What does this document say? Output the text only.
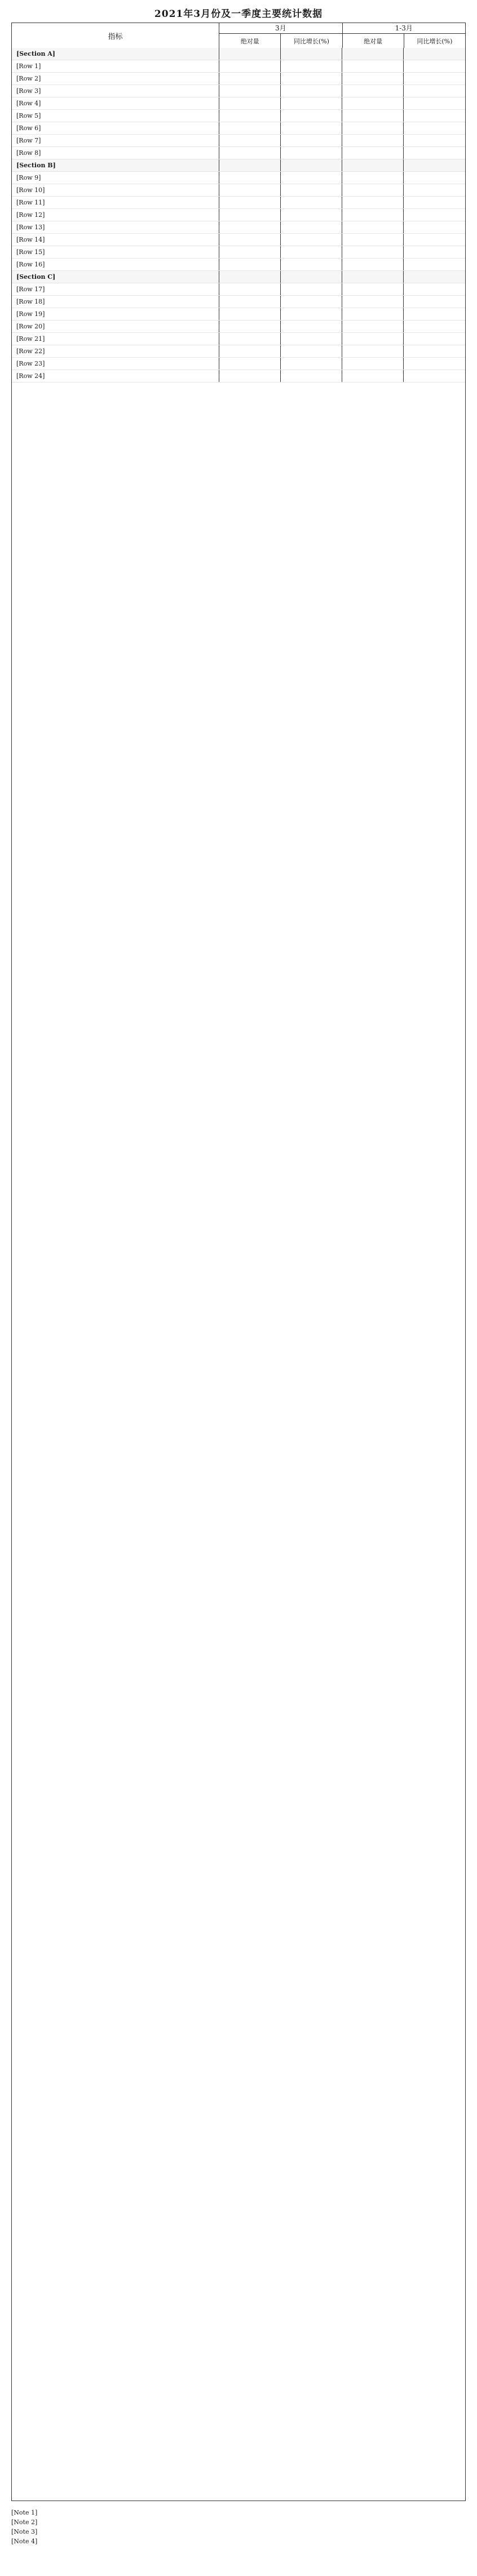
2021年3月份及一季度主要统计数据
指标
3月
绝对量	同比增长(%)
1-3月
绝对量	同比增长(%)
[Section A]
[Row 1]
[Row 2]
[Row 3]
[Row 4]
[Row 5]
[Row 6]
[Row 7]
[Row 8]
[Section B]
[Row 9]
[Row 10]
[Row 11]
[Row 12]
[Row 13]
[Row 14]
[Row 15]
[Row 16]
[Section C]
[Row 17]
[Row 18]
[Row 19]
[Row 20]
[Row 21]
[Row 22]
[Row 23]
[Row 24]
[Note 1]
[Note 2]
[Note 3]
[Note 4]
